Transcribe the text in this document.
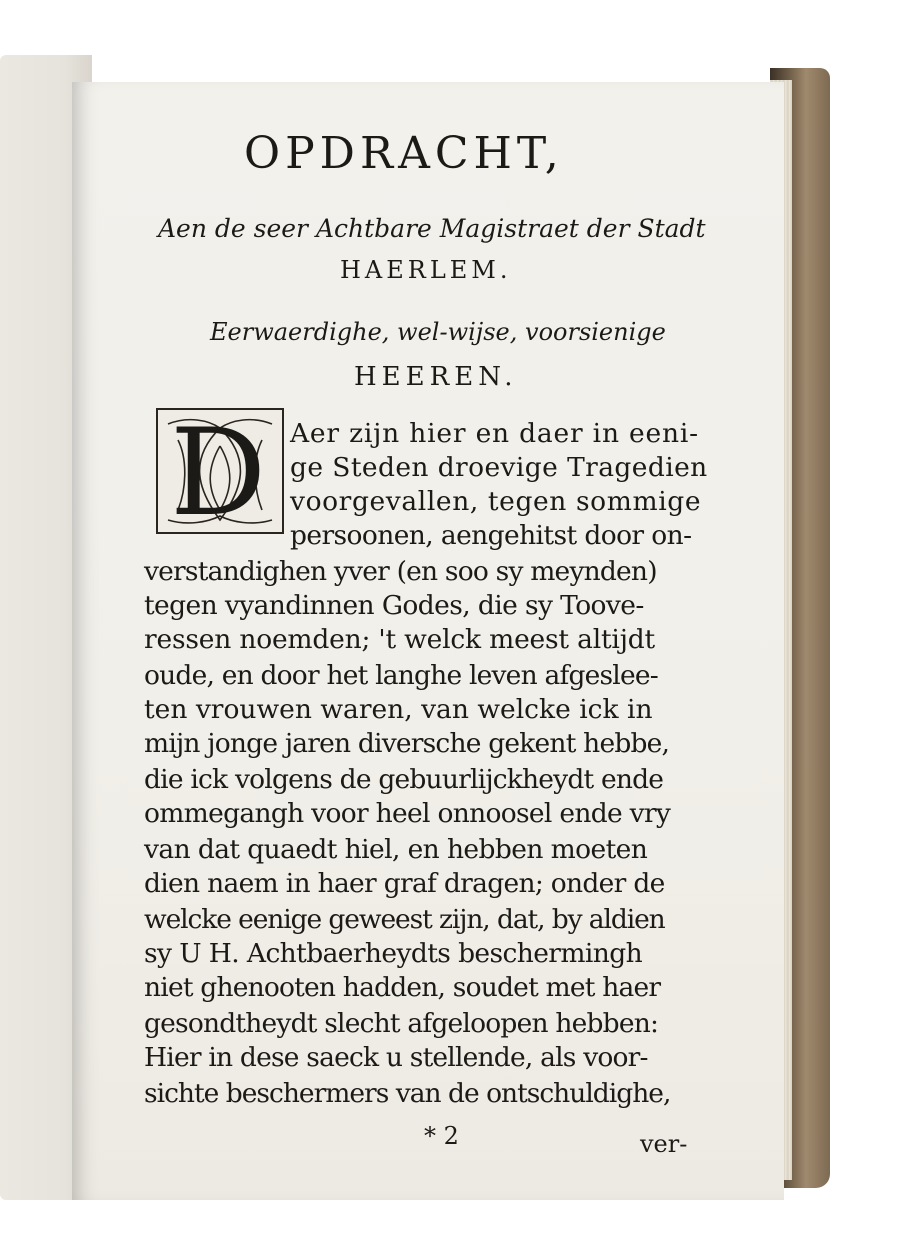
OPDRACHT,
Aen de seer Achtbare Magistraet der Stadt
HAERLEM.
Eerwaerdighe, wel-wijse, voorsienige
HEEREN.
D Aer zijn hier en daer in eeni-
ge Steden droevige Tragedien
voorgevallen, tegen sommige
persoonen, aengehitst door on-
verstandighen yver (en soo sy meynden)
tegen vyandinnen Godes, die sy Toove-
ressen noemden; 't welck meest altijdt
oude, en door het langhe leven afgeslee-
ten vrouwen waren, van welcke ick in
mijn jonge jaren diversche gekent hebbe,
die ick volgens de gebuurlijckheydt ende
ommegangh voor heel onnoosel ende vry
van dat quaedt hiel, en hebben moeten
dien naem in haer graf dragen; onder de
welcke eenige geweest zijn, dat, by aldien
sy U H. Achtbaerheydts beschermingh
niet ghenooten hadden, soudet met haer
gesondtheydt slecht afgeloopen hebben:
Hier in dese saeck u stellende, als voor-
sichte beschermers van de ontschuldighe,
* 2	ver-
